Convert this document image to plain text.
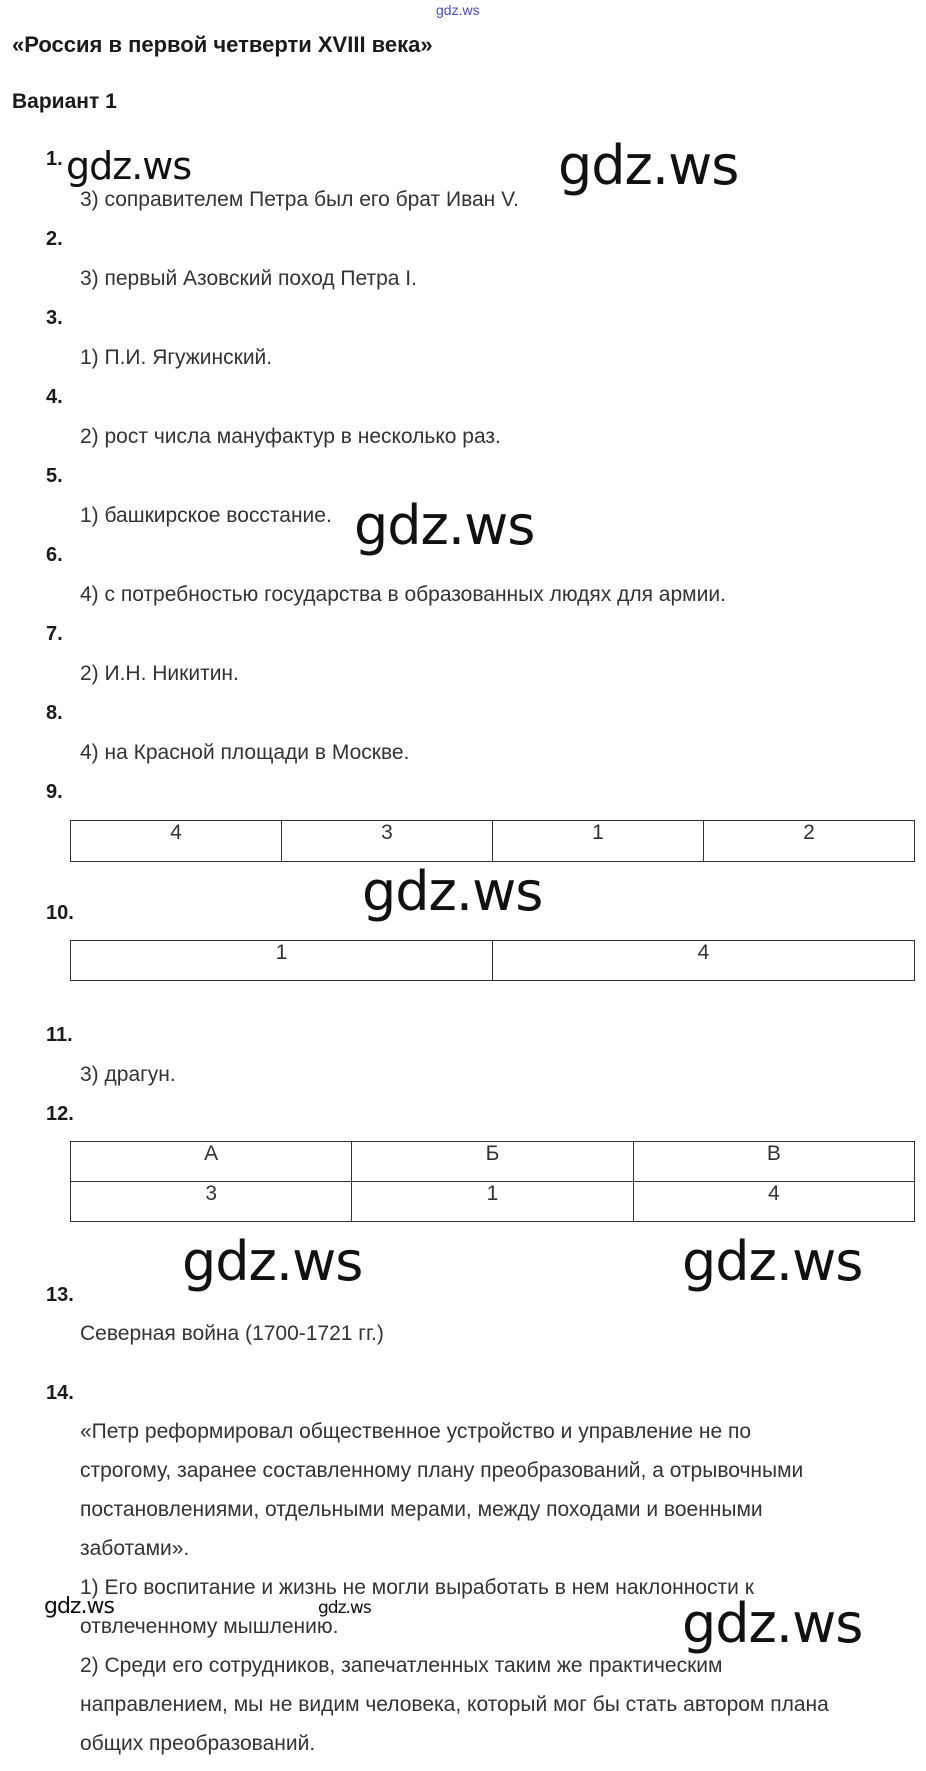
gdz.ws
«Россия в первой четверти XVIII века»
Вариант 1
1.
3) соправителем Петра был его брат Иван V.
2.
3) первый Азовский поход Петра I.
3.
1) П.И. Ягужинский.
4.
2) рост числа мануфактур в несколько раз.
5.
1) башкирское восстание.
6.
4) с потребностью государства в образованных людях для армии.
7.
2) И.Н. Никитин.
8.
4) на Красной площади в Москве.
9.
4	3	1	2
10.
1	4
11.
3) драгун.
12.
А	Б	В
3	1	4
13.
Северная война (1700-1721 гг.)
14.
«Петр реформировал общественное устройство и управление не по
строгому, заранее составленному плану преобразований, а отрывочными
постановлениями, отдельными мерами, между походами и военными
заботами».
1) Его воспитание и жизнь не могли выработать в нем наклонности к
отвлеченному мышлению.
2) Среди его сотрудников, запечатленных таким же практическим
направлением, мы не видим человека, который мог бы стать автором плана
общих преобразований.
gdz.ws	gdz.ws
gdz.ws
gdz.ws
gdz.ws	gdz.ws
gdz.ws	gdz.ws	gdz.ws
